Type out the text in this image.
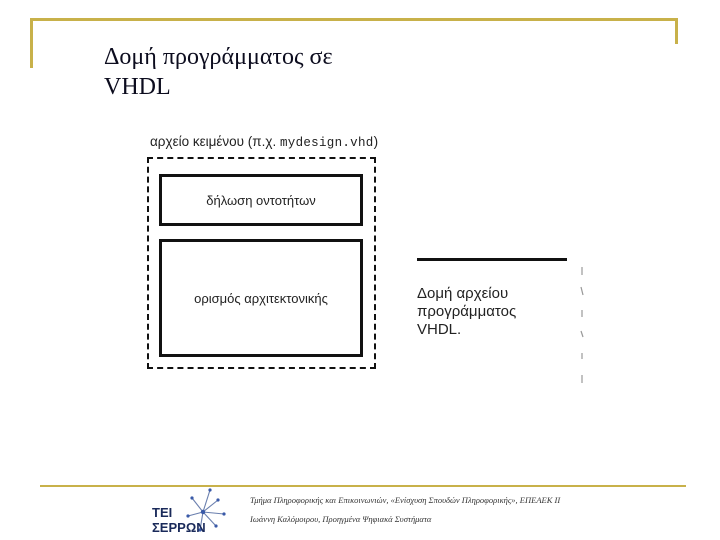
Δομή προγράμματος σε
VHDL
αρχείο κειμένου (π.χ. mydesign.vhd)
δήλωση οντοτήτων
ορισμός αρχιτεκτονικής	Δομή αρχείου
προγράμματος
VHDL.
ΤΕΙ
ΣΕΡΡΩΝ
Τμήμα Πληροφορικής και Επικοινωνιών, «Ενίσχυση Σπουδών Πληροφορικής», ΕΠΕΑΕΚ ΙΙ
Ιωάννη Καλόμοιρου, Προηγμένα Ψηφιακά Συστήματα
